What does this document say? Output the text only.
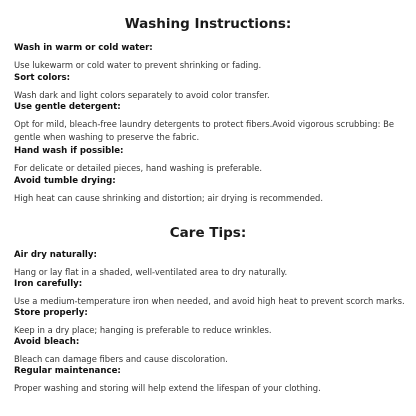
Washing Instructions:
Wash in warm or cold water:
Use lukewarm or cold water to prevent shrinking or fading.
Sort colors:
Wash dark and light colors separately to avoid color transfer.
Use gentle detergent:
Opt for mild, bleach-free laundry detergents to protect fibers.Avoid vigorous scrubbing: Be gentle when washing to preserve the fabric.
Hand wash if possible:
For delicate or detailed pieces, hand washing is preferable.
Avoid tumble drying:
High heat can cause shrinking and distortion; air drying is recommended.
Care Tips:
Air dry naturally:
Hang or lay flat in a shaded, well-ventilated area to dry naturally.
Iron carefully:
Use a medium-temperature iron when needed, and avoid high heat to prevent scorch marks.
Store properly:
Keep in a dry place; hanging is preferable to reduce wrinkles.
Avoid bleach:
Bleach can damage fibers and cause discoloration.
Regular maintenance:
Proper washing and storing will help extend the lifespan of your clothing.
